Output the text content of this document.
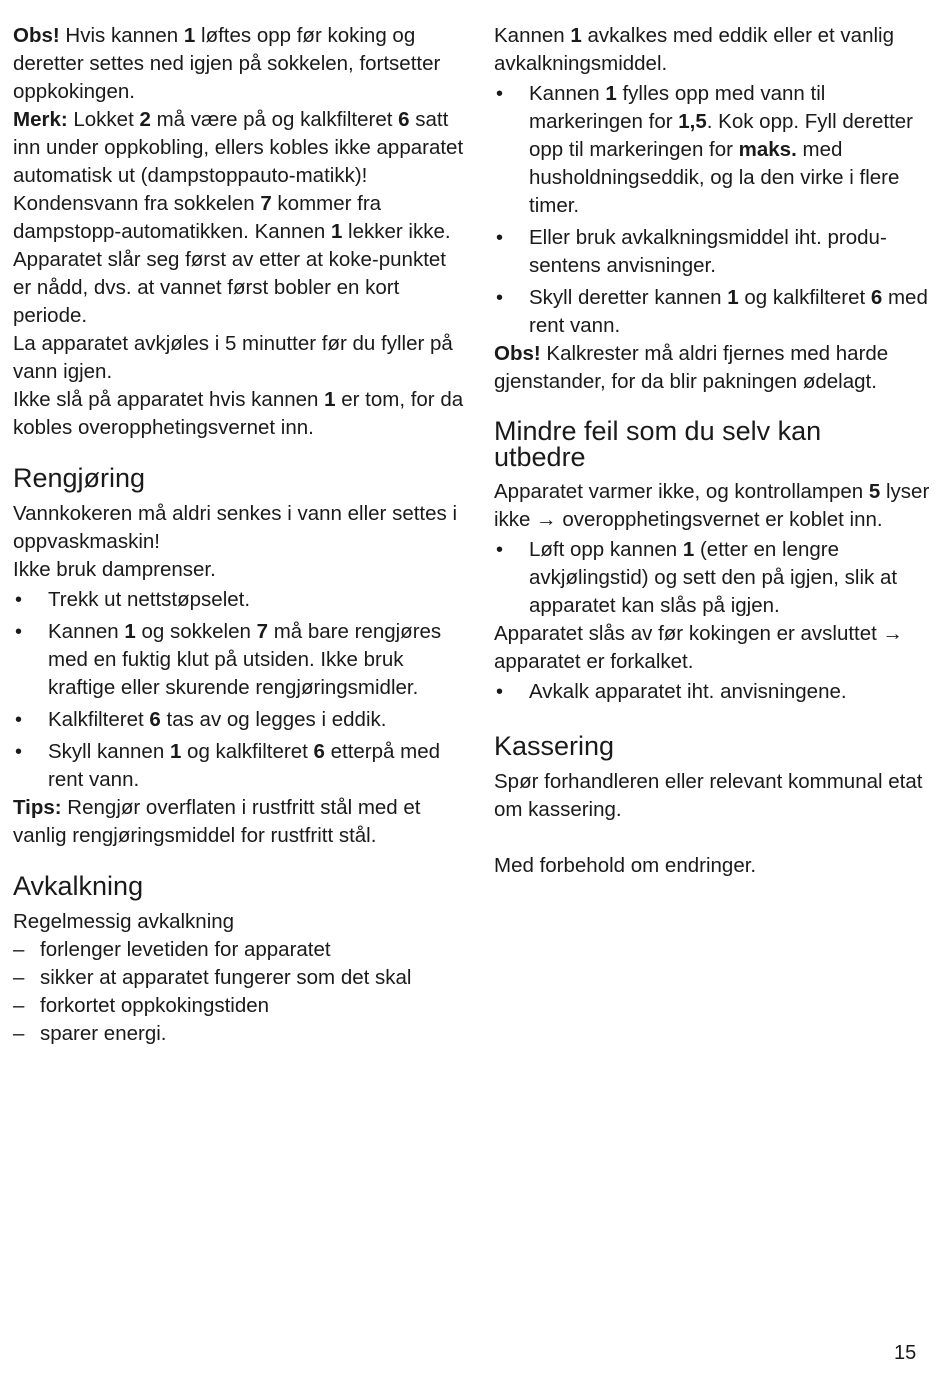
Obs! Hvis kannen 1 løftes opp før koking og deretter settes ned igjen på sokkelen, fortsetter oppkokingen.

Merk: Lokket 2 må være på og kalkfilteret 6 satt inn under oppkobling, ellers kobles ikke apparatet automatisk ut (dampstoppauto-matikk)!

Kondensvann fra sokkelen 7 kommer fra dampstopp-automatikken. Kannen 1 lekker ikke.

Apparatet slår seg først av etter at koke-punktet er nådd, dvs. at vannet først bobler en kort periode.

La apparatet avkjøles i 5 minutter før du fyller på vann igjen.

Ikke slå på apparatet hvis kannen 1 er tom, for da kobles overopphetingsvernet inn.

Rengjøring

Vannkokeren må aldri senkes i vann eller settes i oppvaskmaskin!

Ikke bruk damprenser.

• Trekk ut nettstøpselet.
• Kannen 1 og sokkelen 7 må bare rengjøres med en fuktig klut på utsiden. Ikke bruk kraftige eller skurende rengjøringsmidler.
• Kalkfilteret 6 tas av og legges i eddik.
• Skyll kannen 1 og kalkfilteret 6 etterpå med rent vann.

Tips: Rengjør overflaten i rustfritt stål med et vanlig rengjøringsmiddel for rustfritt stål.

Avkalkning

Regelmessig avkalkning

– forlenger levetiden for apparatet
– sikker at apparatet fungerer som det skal
– forkortet oppkokingstiden
– sparer energi.

Kannen 1 avkalkes med eddik eller et vanlig avkalkningsmiddel.

• Kannen 1 fylles opp med vann til markeringen for 1,5. Kok opp. Fyll deretter opp til markeringen for maks. med husholdningseddik, og la den virke i flere timer.
• Eller bruk avkalkningsmiddel iht. produ-sentens anvisninger.
• Skyll deretter kannen 1 og kalkfilteret 6 med rent vann.

Obs! Kalkrester må aldri fjernes med harde gjenstander, for da blir pakningen ødelagt.

Mindre feil som du selv kan utbedre

Apparatet varmer ikke, og kontrollampen 5 lyser ikke → overopphetingsvernet er koblet inn.

• Løft opp kannen 1 (etter en lengre avkjølingstid) og sett den på igjen, slik at apparatet kan slås på igjen.

Apparatet slås av før kokingen er avsluttet → apparatet er forkalket.

• Avkalk apparatet iht. anvisningene.
Kassering

Spør forhandleren eller relevant kommunal etat om kassering.

Med forbehold om endringer.

15
